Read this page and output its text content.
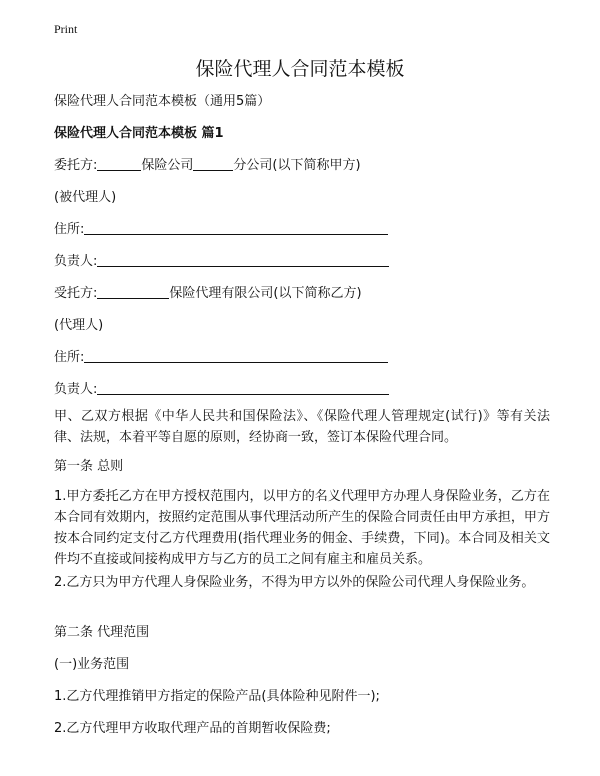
Print
保险代理人合同范本模板
保险代理人合同范本模板（通用5篇）
保险代理人合同范本模板 篇1
委托方:	保险公司	分公司(以下简称甲方)
(被代理人)
住所:
负责人:
受托方:	保险代理有限公司(以下简称乙方)
(代理人)
住所:
负责人:
甲、乙双方根据《中华人民共和国保险法》、《保险代理人管理规定(试行)》等有关法律、法规，本着平等自愿的原则，经协商一致，签订本保险代理合同。
第一条 总则
1.甲方委托乙方在甲方授权范围内，以甲方的名义代理甲方办理人身保险业务，乙方在本合同有效期内，按照约定范围从事代理活动所产生的保险合同责任由甲方承担，甲方按本合同约定支付乙方代理费用(指代理业务的佣金、手续费，下同)。本合同及相关文件均不直接或间接构成甲方与乙方的员工之间有雇主和雇员关系。
2.乙方只为甲方代理人身保险业务，不得为甲方以外的保险公司代理人身保险业务。
第二条 代理范围
(一)业务范围
1.乙方代理推销甲方指定的保险产品(具体险种见附件一);
2.乙方代理甲方收取代理产品的首期暂收保险费;
